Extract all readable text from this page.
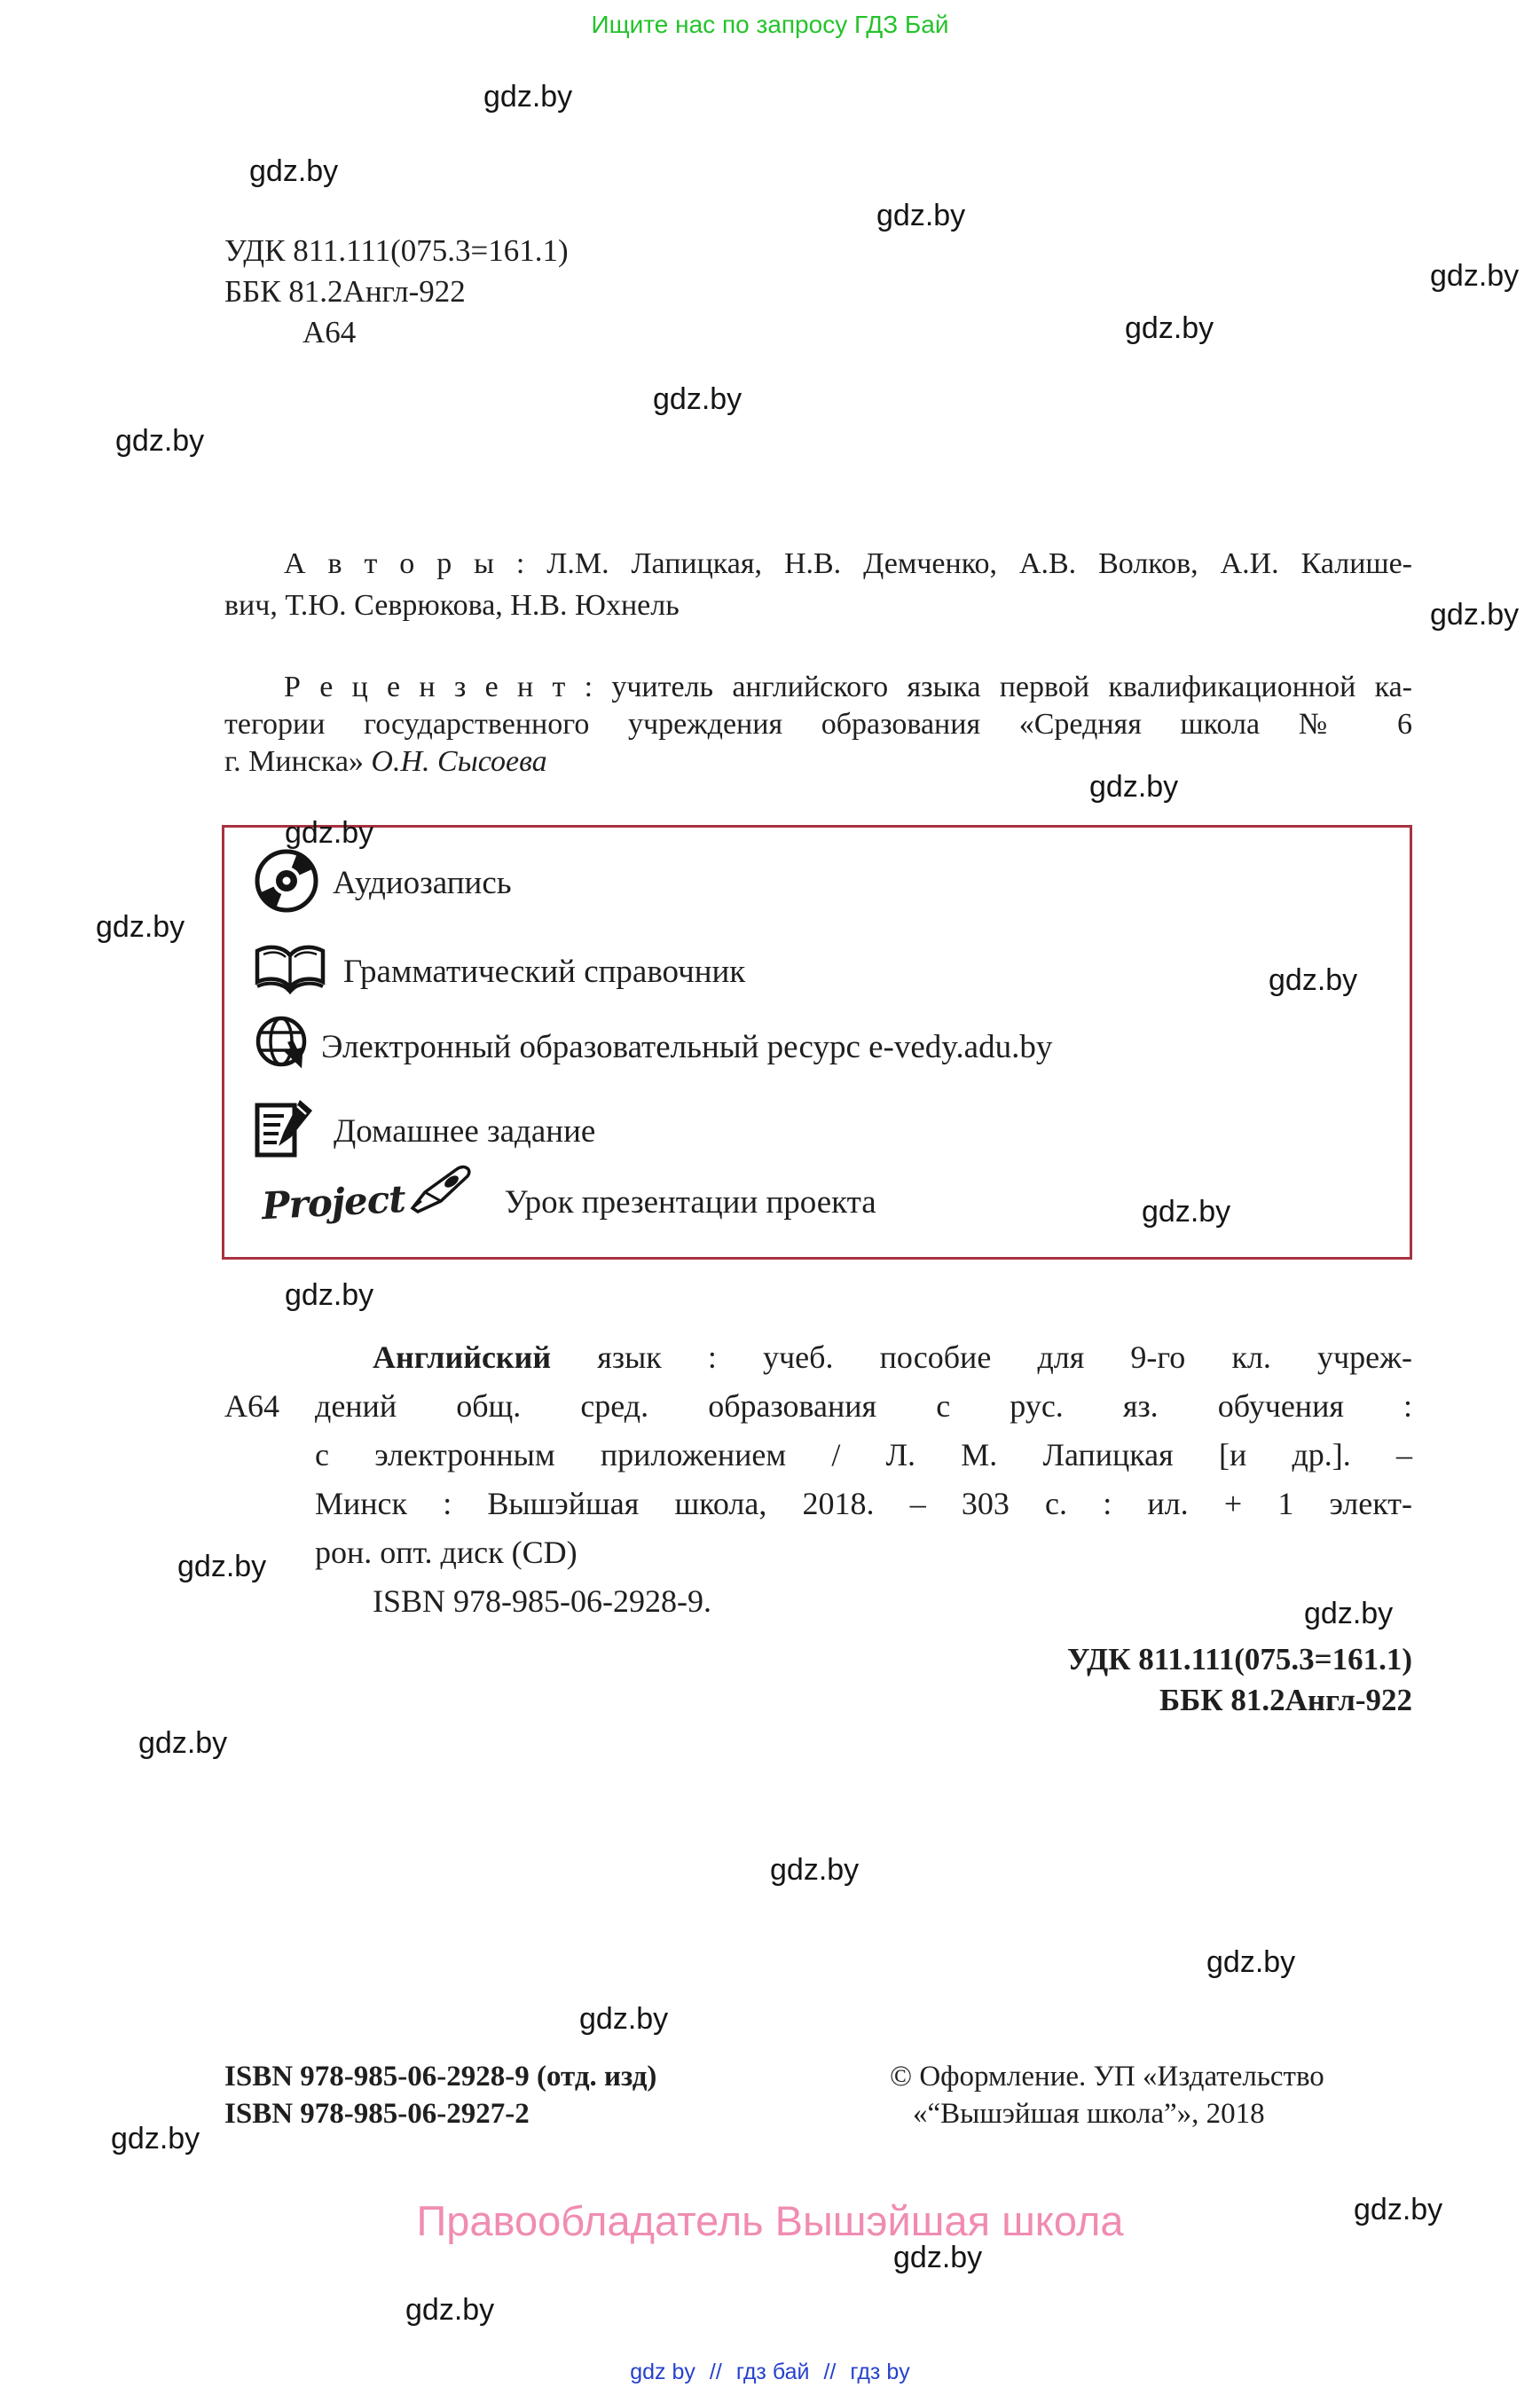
Ищите нас по запросу ГДЗ Бай
УДК 811.111(075.3=161.1)
ББК 81.2Англ-922
А64
А в т о р ы : Л.М. Лапицкая, Н.В. Демченко, А.В. Волков, А.И. Калише-
вич, Т.Ю. Севрюкова, Н.В. Юхнель
Р е ц е н з е н т : учитель английского языка первой квалификационной ка-
тегории государственного учреждения образования «Средняя школа № 6
г. Минска» О.Н. Сысоева
Аудиозапись
Грамматический справочник
Электронный образовательный ресурс e-vedy.adu.by
Домашнее задание
Project	Урок презентации проекта
Английский язык : учеб. пособие для 9-го кл. учреж-
А64 дений общ. сред. образования с рус. яз. обучения :
с электронным приложением / Л. М. Лапицкая [и др.]. –
Минск : Вышэйшая школа, 2018. – 303 с. : ил. + 1 элект-
рон. опт. диск (CD)
ISBN 978-985-06-2928-9.
УДК 811.111(075.3=161.1)
ББК 81.2Англ-922
ISBN 978-985-06-2928-9 (отд. изд)
ISBN 978-985-06-2927-2
© Оформление. УП «Издательство
«“Вышэйшая школа”», 2018
Правообладатель Вышэйшая школа
gdz by // гдз бай // гдз by
gdz.by
gdz.by
gdz.by
gdz.by
gdz.by
gdz.by
gdz.by
gdz.by
gdz.by
gdz.by
gdz.by
gdz.by
gdz.by
gdz.by
gdz.by
gdz.by
gdz.by
gdz.by
gdz.by
gdz.by
gdz.by
gdz.by
gdz.by
gdz.by
